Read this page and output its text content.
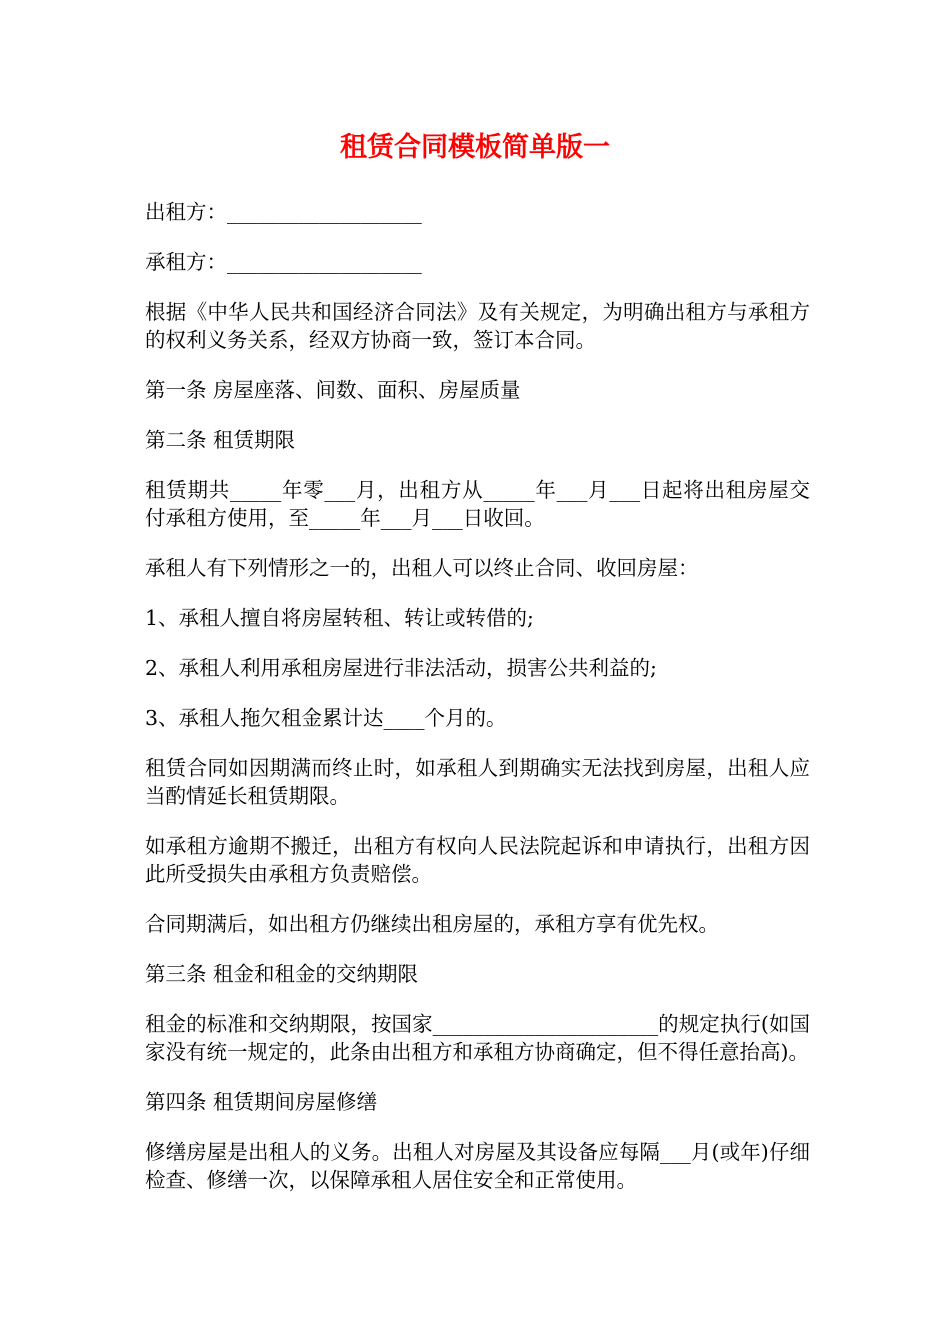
租赁合同模板简单版一

出租方：___________________

承租方：___________________

根据《中华人民共和国经济合同法》及有关规定，为明确出租方与承租方的权利义务关系，经双方协商一致，签订本合同。

第一条 房屋座落、间数、面积、房屋质量

第二条 租赁期限

租赁期共_____年零___月，出租方从_____年___月___日起将出租房屋交付承租方使用，至_____年___月___日收回。

承租人有下列情形之一的，出租人可以终止合同、收回房屋：

1、承租人擅自将房屋转租、转让或转借的;

2、承租人利用承租房屋进行非法活动，损害公共利益的;

3、承租人拖欠租金累计达____个月的。

租赁合同如因期满而终止时，如承租人到期确实无法找到房屋，出租人应当酌情延长租赁期限。

如承租方逾期不搬迁，出租方有权向人民法院起诉和申请执行，出租方因此所受损失由承租方负责赔偿。

合同期满后，如出租方仍继续出租房屋的，承租方享有优先权。

第三条 租金和租金的交纳期限

租金的标准和交纳期限，按国家______________________的规定执行(如国家没有统一规定的，此条由出租方和承租方协商确定，但不得任意抬高)。

第四条 租赁期间房屋修缮

修缮房屋是出租人的义务。出租人对房屋及其设备应每隔___月(或年)仔细检查、修缮一次，以保障承租人居住安全和正常使用。
